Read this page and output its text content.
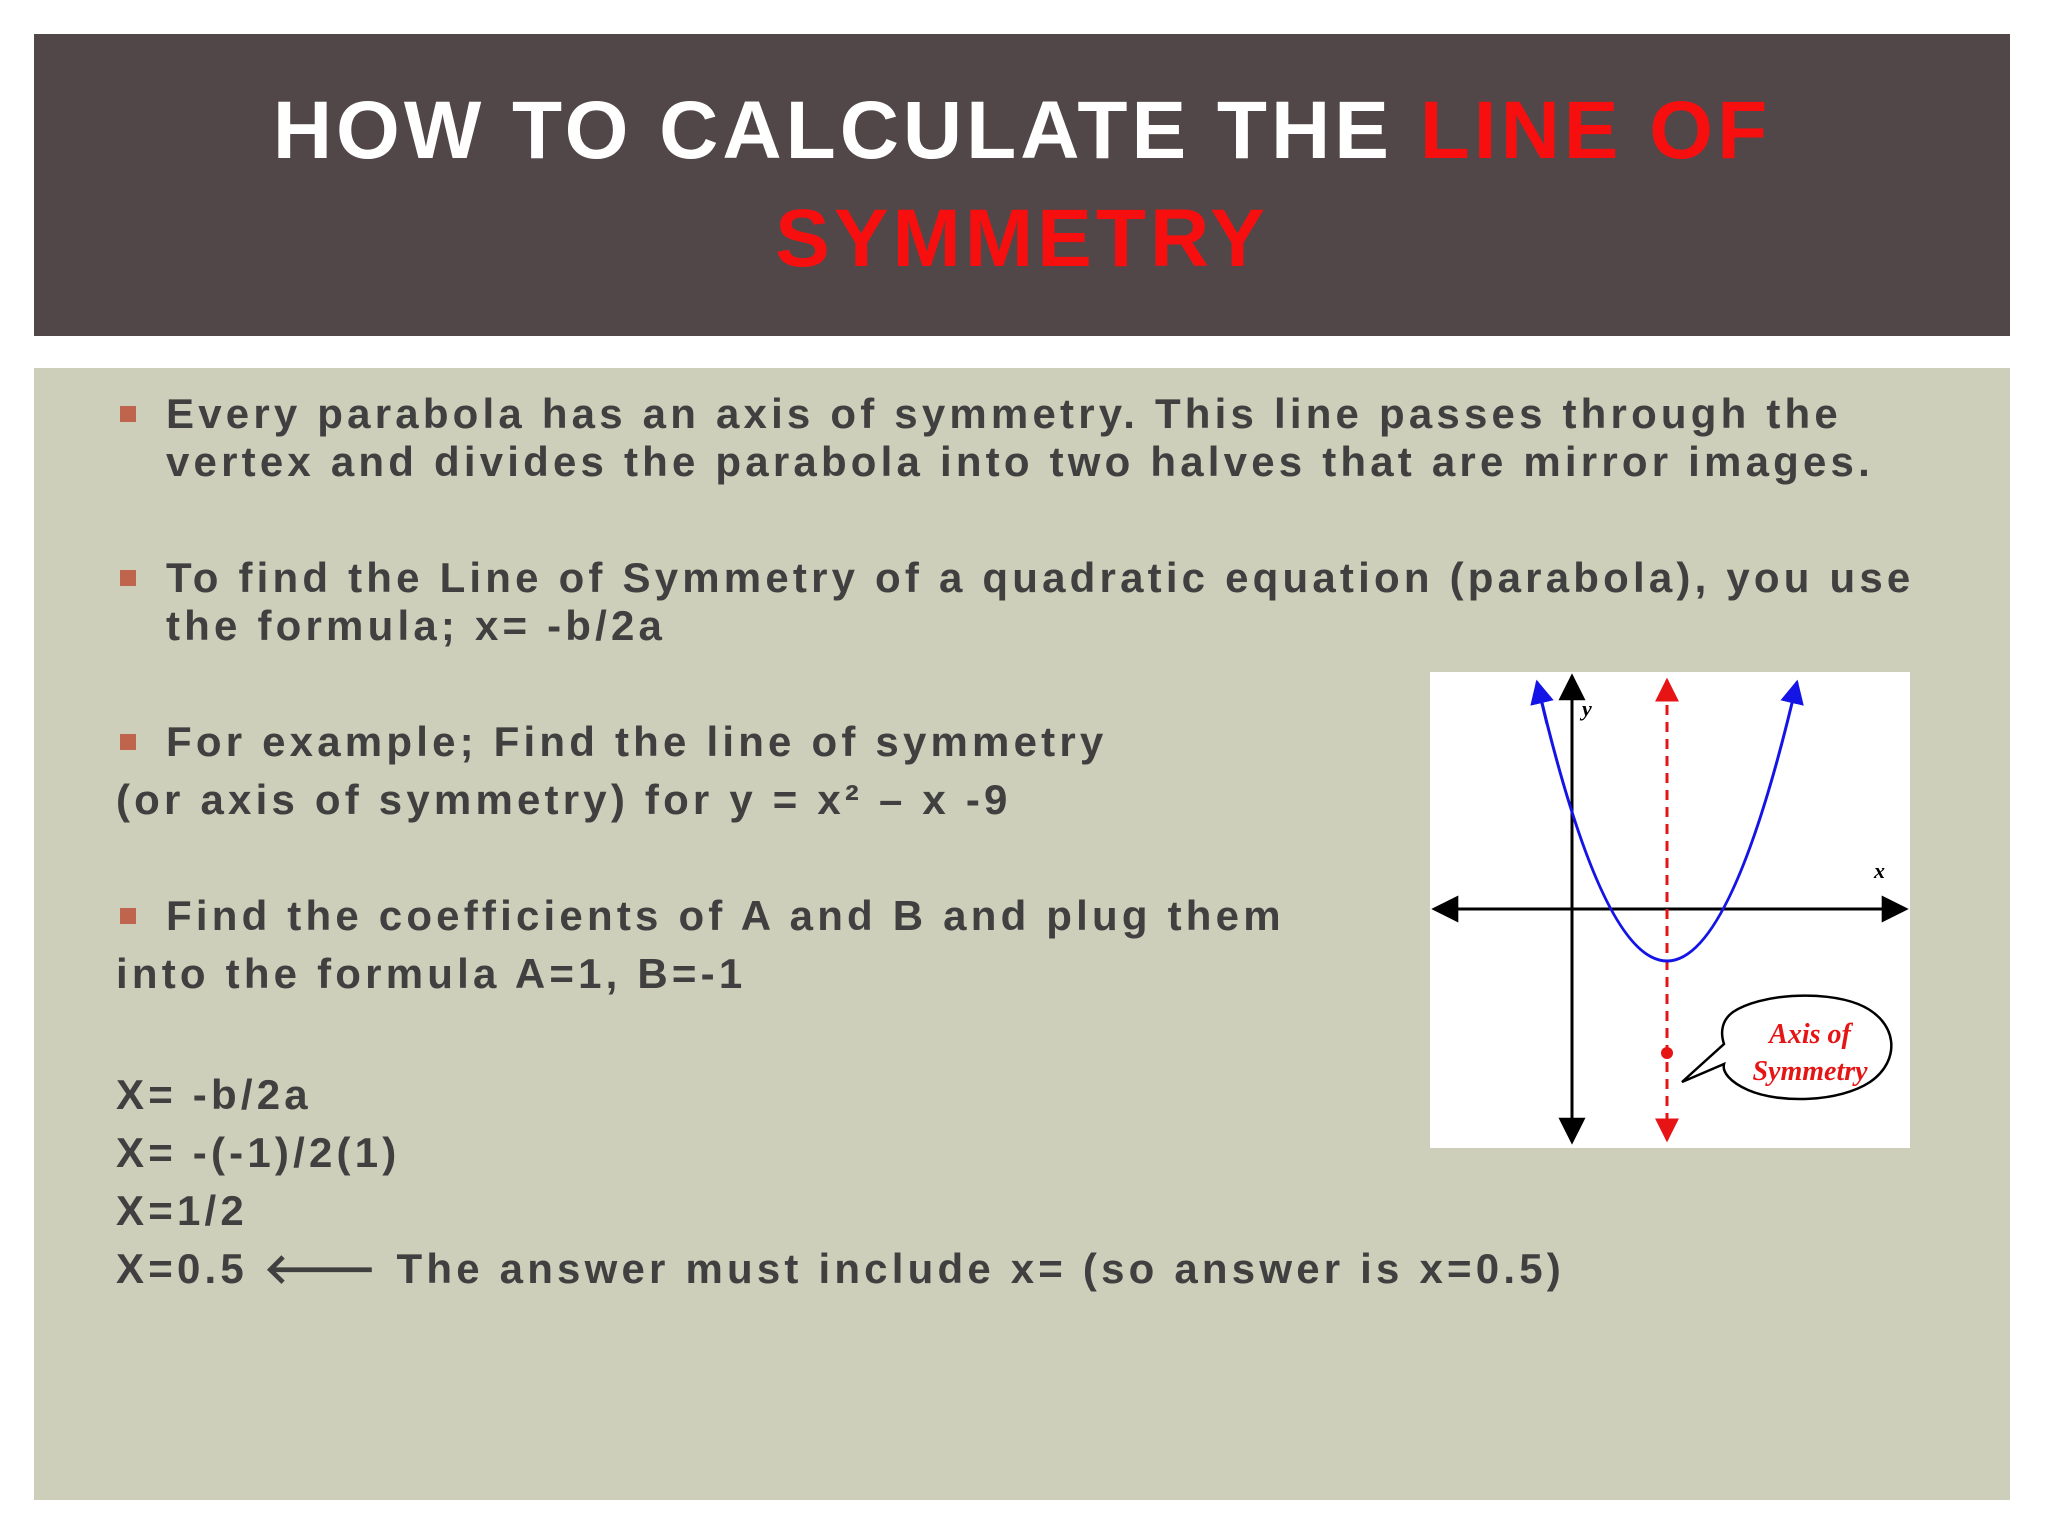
HOW TO CALCULATE THE LINE OF SYMMETRY

Every parabola has an axis of symmetry. This line passes through the vertex and divides the parabola into two halves that are mirror images.

To find the Line of Symmetry of a quadratic equation (parabola), you use the formula; x= -b/2a

For example; Find the line of symmetry

(or axis of symmetry) for y = x² – x -9

Find the coefficients of A and B and plug them

into the formula A=1, B=-1

X= -b/2a
X= -(-1)/2(1)
X=1/2
X=0.5 🡐 The answer must include x= (so answer is x=0.5)
y
x
Axis of
Symmetry
